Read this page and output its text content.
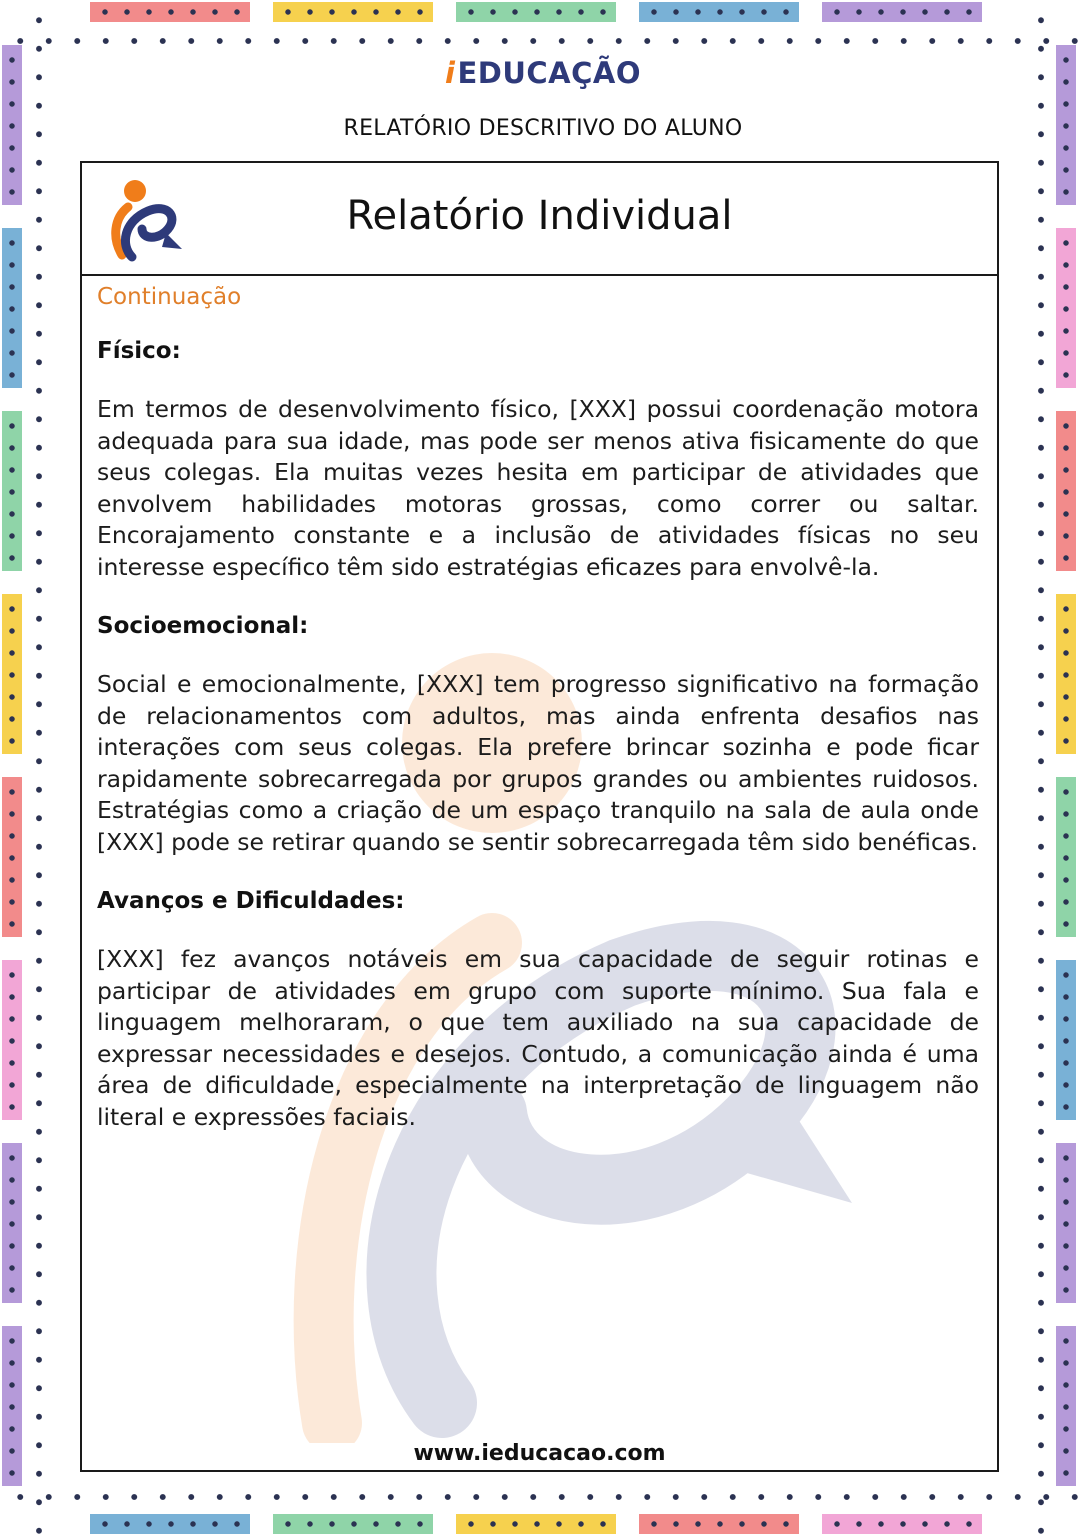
iEDUCAÇÃO
RELATÓRIO DESCRITIVO DO ALUNO
Relatório Individual
Continuação
Físico:
Em termos de desenvolvimento físico, [XXX] possui coordenação motora adequada para sua idade, mas pode ser menos ativa fisicamente do que seus colegas. Ela muitas vezes hesita em participar de atividades que envolvem habilidades motoras grossas, como correr ou saltar. Encorajamento constante e a inclusão de atividades físicas no seu interesse específico têm sido estratégias eficazes para envolvê-la.
Socioemocional:
Social e emocionalmente, [XXX] tem progresso significativo na formação de relacionamentos com adultos, mas ainda enfrenta desafios nas interações com seus colegas. Ela prefere brincar sozinha e pode ficar rapidamente sobrecarregada por grupos grandes ou ambientes ruidosos. Estratégias como a criação de um espaço tranquilo na sala de aula onde [XXX] pode se retirar quando se sentir sobrecarregada têm sido benéficas.
Avanços e Dificuldades:
[XXX] fez avanços notáveis em sua capacidade de seguir rotinas e participar de atividades em grupo com suporte mínimo. Sua fala e linguagem melhoraram, o que tem auxiliado na sua capacidade de expressar necessidades e desejos. Contudo, a comunicação ainda é uma área de dificuldade, especialmente na interpretação de linguagem não literal e expressões faciais.
www.ieducacao.com
